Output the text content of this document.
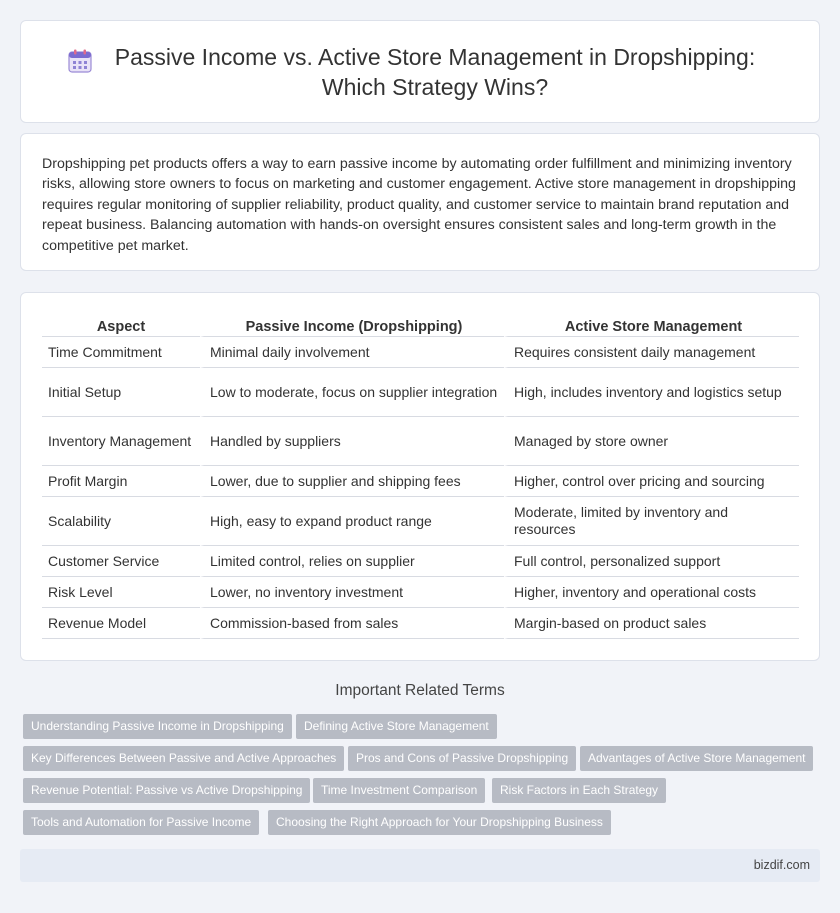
Passive Income vs. Active Store Management in Dropshipping: Which Strategy Wins?

Dropshipping pet products offers a way to earn passive income by automating order fulfillment and minimizing inventory risks, allowing store owners to focus on marketing and customer engagement. Active store management in dropshipping requires regular monitoring of supplier reliability, product quality, and customer service to maintain brand reputation and repeat business. Balancing automation with hands-on oversight ensures consistent sales and long-term growth in the competitive pet market.

Aspect	Passive Income (Dropshipping)	Active Store Management
Time Commitment	Minimal daily involvement	Requires consistent daily management
Initial Setup	Low to moderate, focus on supplier integration	High, includes inventory and logistics setup
Inventory Management	Handled by suppliers	Managed by store owner
Profit Margin	Lower, due to supplier and shipping fees	Higher, control over pricing and sourcing
Scalability	High, easy to expand product range	Moderate, limited by inventory and resources
Customer Service	Limited control, relies on supplier	Full control, personalized support
Risk Level	Lower, no inventory investment	Higher, inventory and operational costs
Revenue Model	Commission-based from sales	Margin-based on product sales
Important Related Terms
Understanding Passive Income in Dropshipping	Defining Active Store Management
Key Differences Between Passive and Active Approaches	Pros and Cons of Passive Dropshipping	Advantages of Active Store Management
Revenue Potential: Passive vs Active Dropshipping	Time Investment Comparison	Risk Factors in Each Strategy
Tools and Automation for Passive Income	Choosing the Right Approach for Your Dropshipping Business
bizdif.com
